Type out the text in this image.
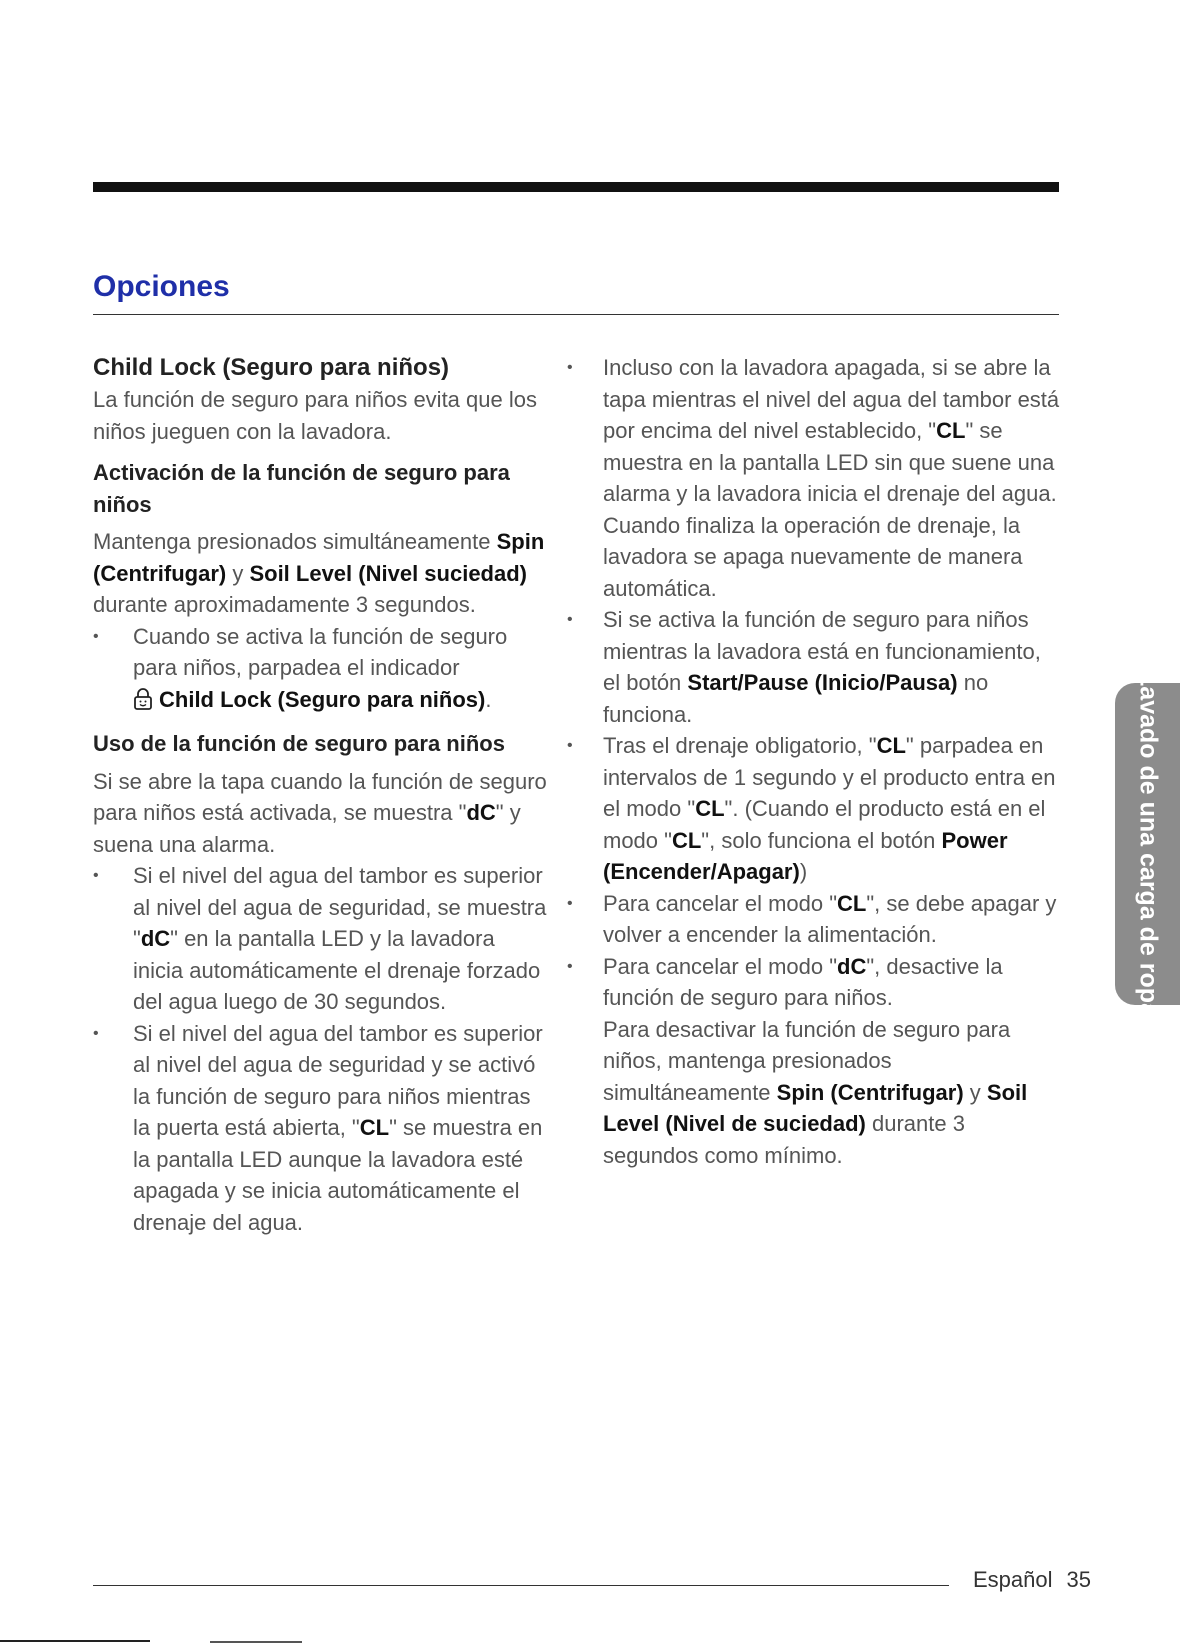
Opciones
Child Lock (Seguro para niños)

La función de seguro para niños evita que los niños jueguen con la lavadora.

Activación de la función de seguro para niños

Mantenga presionados simultáneamente Spin (Centrifugar) y Soil Level (Nivel suciedad) durante aproximadamente 3 segundos.

• Cuando se activa la función de seguro para niños, parpadea el indicador
Child Lock (Seguro para niños).
Uso de la función de seguro para niños

Si se abre la tapa cuando la función de seguro para niños está activada, se muestra "dC" y suena una alarma.

• Si el nivel del agua del tambor es superior al nivel del agua de seguridad, se muestra "dC" en la pantalla LED y la lavadora inicia automáticamente el drenaje forzado del agua luego de 30 segundos.
• Si el nivel del agua del tambor es superior al nivel del agua de seguridad y se activó la función de seguro para niños mientras la puerta está abierta, "CL" se muestra en la pantalla LED aunque la lavadora esté apagada y se inicia automáticamente el drenaje del agua.
• Incluso con la lavadora apagada, si se abre la tapa mientras el nivel del agua del tambor está por encima del nivel establecido, "CL" se muestra en la pantalla LED sin que suene una alarma y la lavadora inicia el drenaje del agua. Cuando finaliza la operación de drenaje, la lavadora se apaga nuevamente de manera automática.
• Si se activa la función de seguro para niños mientras la lavadora está en funcionamiento, el botón Start/Pause (Inicio/Pausa) no funciona.
• Tras el drenaje obligatorio, "CL" parpadea en intervalos de 1 segundo y el producto entra en el modo "CL". (Cuando el producto está en el modo "CL", solo funciona el botón Power (Encender/Apagar))
• Para cancelar el modo "CL", se debe apagar y volver a encender la alimentación.
• Para cancelar el modo "dC", desactive la función de seguro para niños.
Para desactivar la función de seguro para niños, mantenga presionados simultáneamente Spin (Centrifugar) y Soil Level (Nivel de suciedad) durante 3 segundos como mínimo.
Lavado de una carga de ropa
Español 35
